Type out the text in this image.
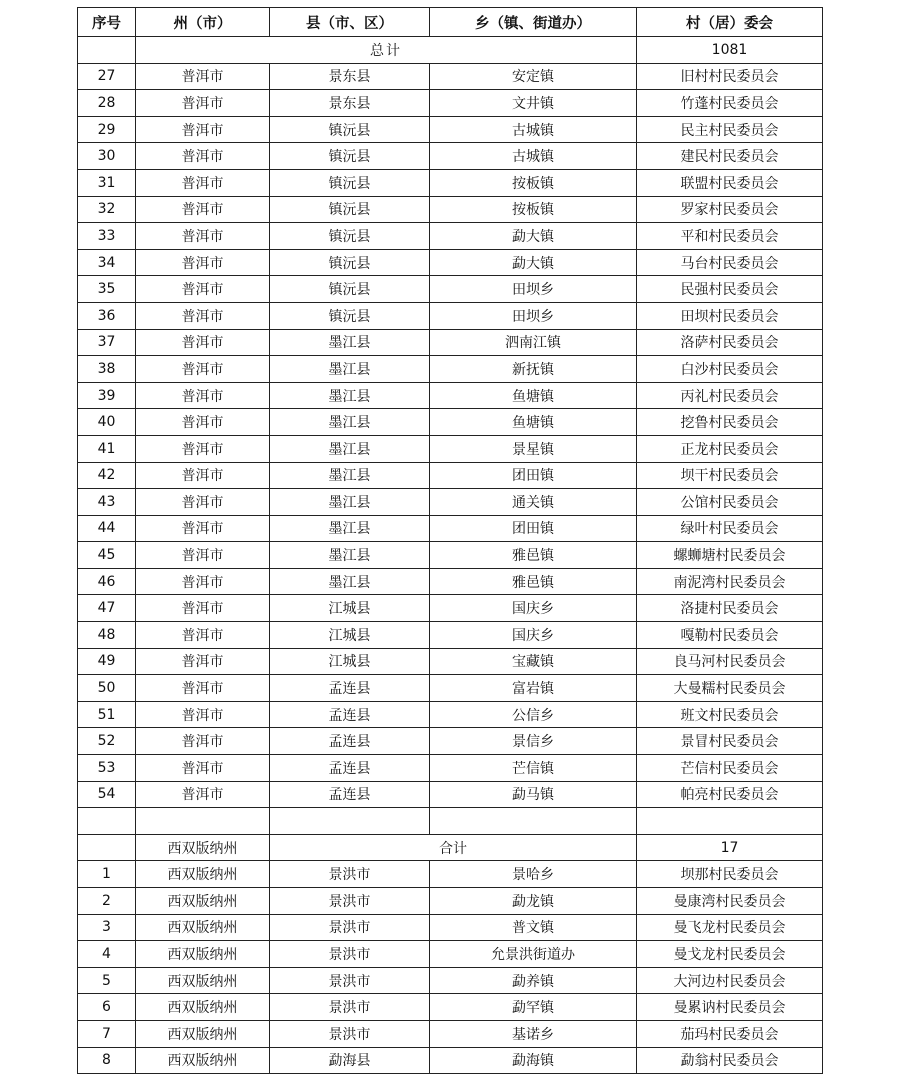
序号	州（市）	县（市、区）	乡（镇、街道办）	村（居）委会
	总计			1081
27	普洱市	景东县	安定镇	旧村村民委员会
28	普洱市	景东县	文井镇	竹蓬村民委员会
29	普洱市	镇沅县	古城镇	民主村民委员会
30	普洱市	镇沅县	古城镇	建民村民委员会
31	普洱市	镇沅县	按板镇	联盟村民委员会
32	普洱市	镇沅县	按板镇	罗家村民委员会
33	普洱市	镇沅县	勐大镇	平和村民委员会
34	普洱市	镇沅县	勐大镇	马台村民委员会
35	普洱市	镇沅县	田坝乡	民强村民委员会
36	普洱市	镇沅县	田坝乡	田坝村民委员会
37	普洱市	墨江县	泗南江镇	洛萨村民委员会
38	普洱市	墨江县	新抚镇	白沙村民委员会
39	普洱市	墨江县	鱼塘镇	丙礼村民委员会
40	普洱市	墨江县	鱼塘镇	挖鲁村民委员会
41	普洱市	墨江县	景星镇	正龙村民委员会
42	普洱市	墨江县	团田镇	坝干村民委员会
43	普洱市	墨江县	通关镇	公馆村民委员会
44	普洱市	墨江县	团田镇	绿叶村民委员会
45	普洱市	墨江县	雅邑镇	螺蛳塘村民委员会
46	普洱市	墨江县	雅邑镇	南泥湾村民委员会
47	普洱市	江城县	国庆乡	洛捷村民委员会
48	普洱市	江城县	国庆乡	嘎勒村民委员会
49	普洱市	江城县	宝藏镇	良马河村民委员会
50	普洱市	孟连县	富岩镇	大曼糯村民委员会
51	普洱市	孟连县	公信乡	班文村民委员会
52	普洱市	孟连县	景信乡	景冒村民委员会
53	普洱市	孟连县	芒信镇	芒信村民委员会
54	普洱市	孟连县	勐马镇	帕亮村民委员会

	西双版纳州	合计		17
1	西双版纳州	景洪市	景哈乡	坝那村民委员会
2	西双版纳州	景洪市	勐龙镇	曼康湾村民委员会
3	西双版纳州	景洪市	普文镇	曼飞龙村民委员会
4	西双版纳州	景洪市	允景洪街道办	曼戈龙村民委员会
5	西双版纳州	景洪市	勐养镇	大河边村民委员会
6	西双版纳州	景洪市	勐罕镇	曼累讷村民委员会
7	西双版纳州	景洪市	基诺乡	茄玛村民委员会
8	西双版纳州	勐海县	勐海镇	勐翁村民委员会
